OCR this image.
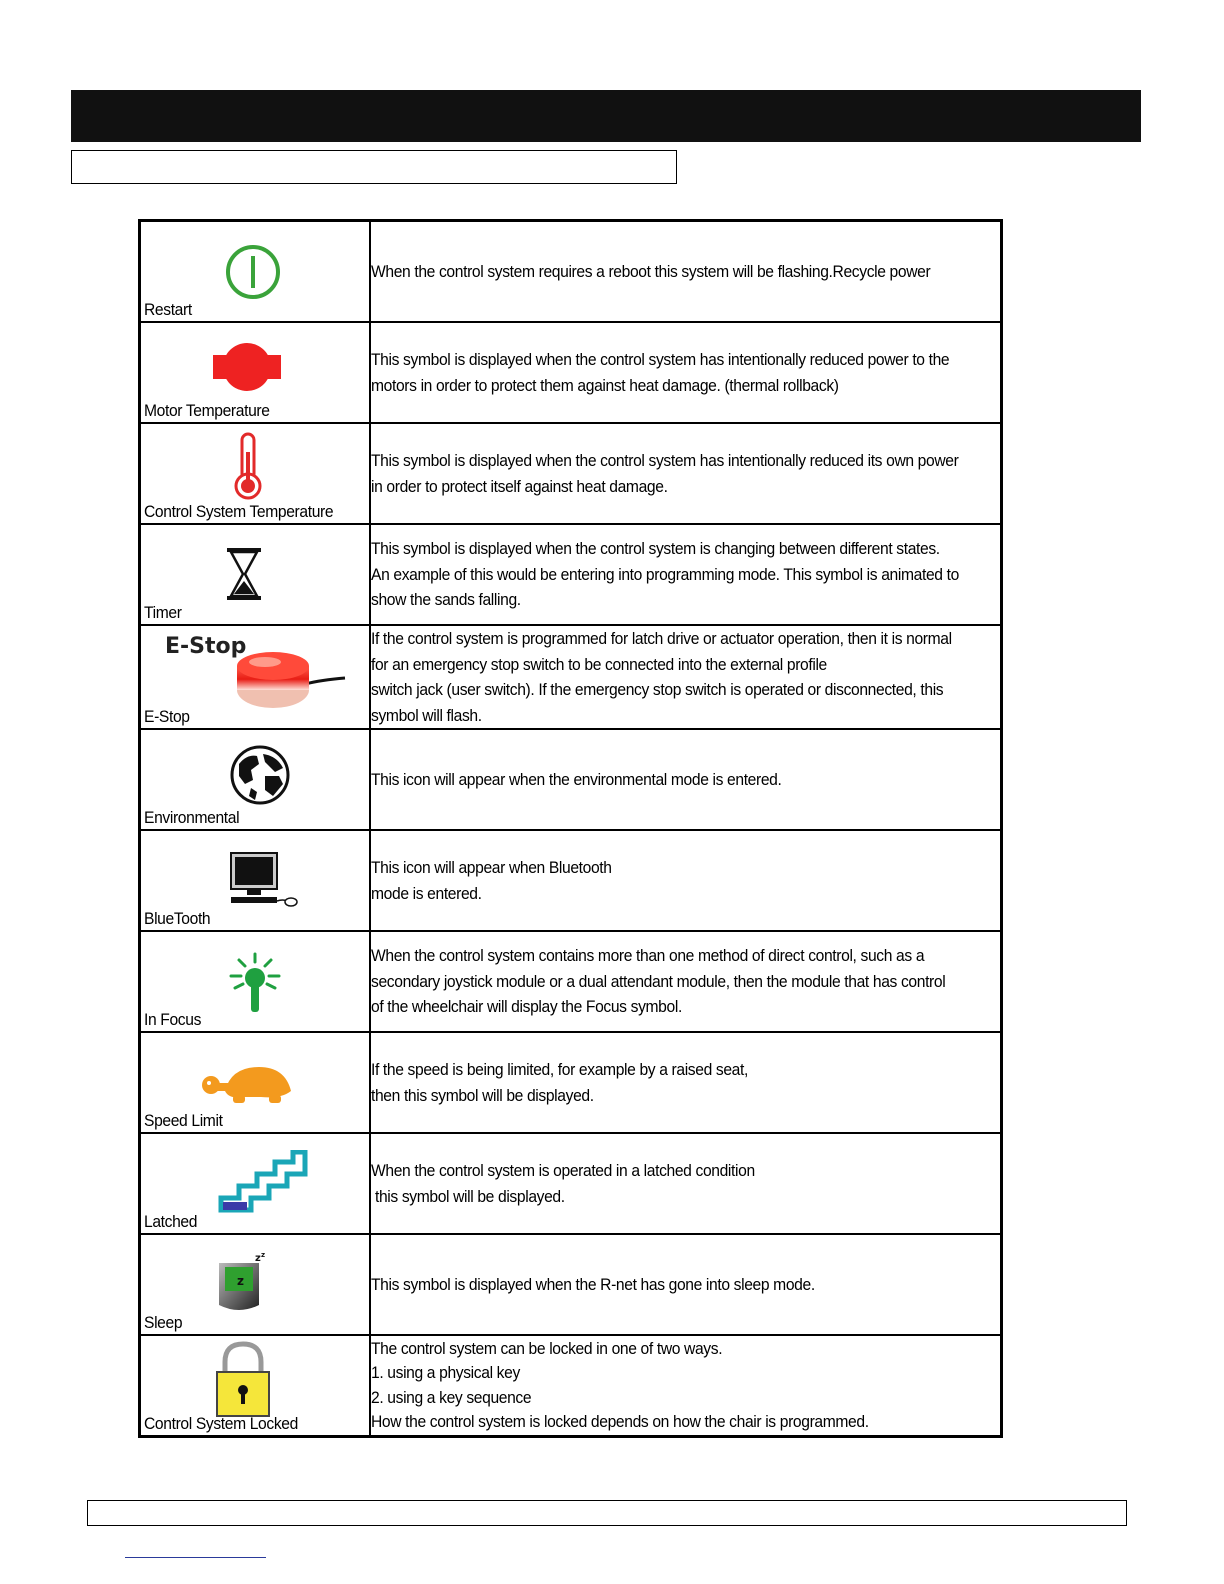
Restart	When the control system requires a reboot this system will be flashing.Recycle power

Motor Temperature	This symbol is displayed when the control system has intentionally reduced power to the
motors in order to protect them against heat damage. (thermal rollback)

Control System Temperature	This symbol is displayed when the control system has intentionally reduced its own power
in order to protect itself against heat damage.

Timer	This symbol is displayed when the control system is changing between different states.
An example of this would be entering into programming mode. This symbol is animated to
show the sands falling.

E-Stop
E-Stop	If the control system is programmed for latch drive or actuator operation, then it is normal
for an emergency stop switch to be connected into the external profile
switch jack (user switch). If the emergency stop switch is operated or disconnected, this
symbol will flash.

Environmental	This icon will appear when the environmental mode is entered.

BlueTooth	This icon will appear when Bluetooth
mode is entered.

In Focus	When the control system contains more than one method of direct control, such as a
secondary joystick module or a dual attendant module, then the module that has control
of the wheelchair will display the Focus symbol.

Speed Limit	If the speed is being limited, for example by a raised seat,
then this symbol will be displayed.

Latched	When the control system is operated in a latched condition
this symbol will be displayed.

z z
z
Sleep	This symbol is displayed when the R-net has gone into sleep mode.

Control System Locked	The control system can be locked in one of two ways.
1. using a physical key
2. using a key sequence
How the control system is locked depends on how the chair is programmed.
